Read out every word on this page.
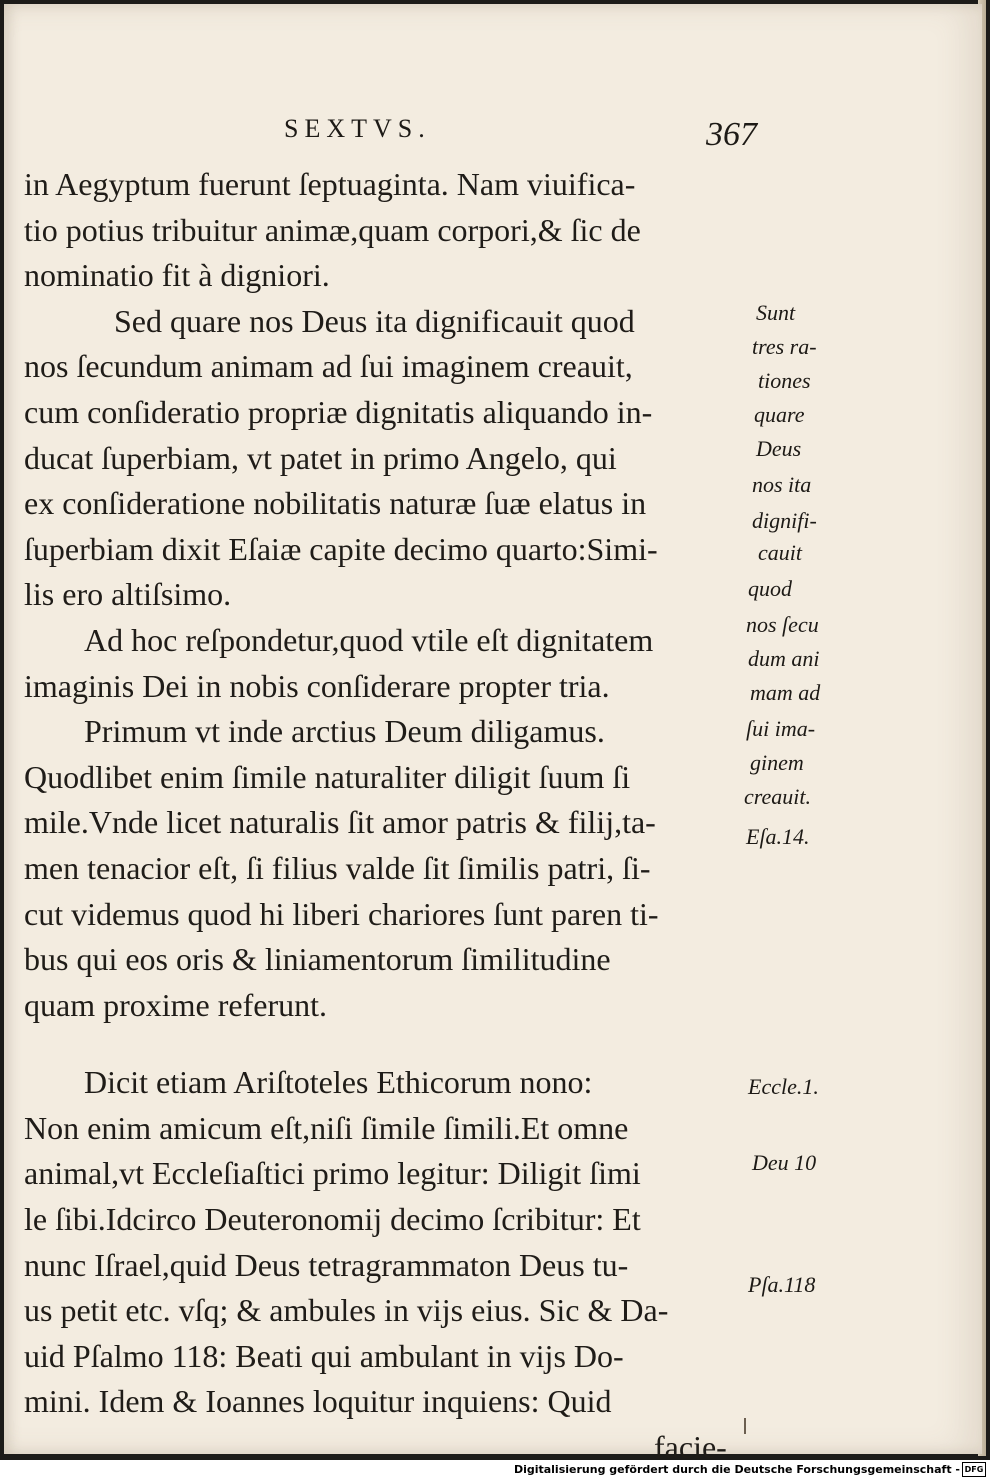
SEXTVS.	367
in Aegyptum fuerunt ſeptuaginta. Nam viuifica-
tio potius tribuitur animæ,quam corpori,& ſic de
nominatio fit à digniori.
Sed quare nos Deus ita dignificauit quod
nos ſecundum animam ad ſui imaginem creauit,
cum conſideratio propriæ dignitatis aliquando in-
ducat ſuperbiam, vt patet in primo Angelo, qui
ex conſideratione nobilitatis naturæ ſuæ elatus in
ſuperbiam dixit Eſaiæ capite decimo quarto:Simi-
lis ero altiſsimo.
Ad hoc reſpondetur,quod vtile eſt dignitatem
imaginis Dei in nobis conſiderare propter tria.
Primum vt inde arctius Deum diligamus.
Quodlibet enim ſimile naturaliter diligit ſuum ſi
mile.Vnde licet naturalis ſit amor patris & filij,ta-
men tenacior eſt, ſi filius valde ſit ſimilis patri, ſi-
cut videmus quod hi liberi chariores ſunt paren ti-
bus qui eos oris & liniamentorum ſimilitudine
quam proxime referunt.
Dicit etiam Ariſtoteles Ethicorum nono:
Non enim amicum eſt,niſi ſimile ſimili.Et omne
animal,vt Eccleſiaſtici primo legitur: Diligit ſimi
le ſibi.Idcirco Deuteronomij decimo ſcribitur: Et
nunc Iſrael,quid Deus tetragrammaton Deus tu-
us petit etc. vſq; & ambules in vijs eius. Sic & Da-
uid Pſalmo 118: Beati qui ambulant in vijs Do-
mini. Idem & Ioannes loquitur inquiens: Quid
facie-
Sunt
tres ra-
tiones
quare
Deus
nos ita
dignifi-
cauit
quod
nos ſecu
dum ani
mam ad
ſui ima-
ginem
creauit.
Eſa.14.
Eccle.1.
Deu 10
Pſa.118
Digitalisierung gefördert durch die Deutsche Forschungsgemeinschaft - DFG
